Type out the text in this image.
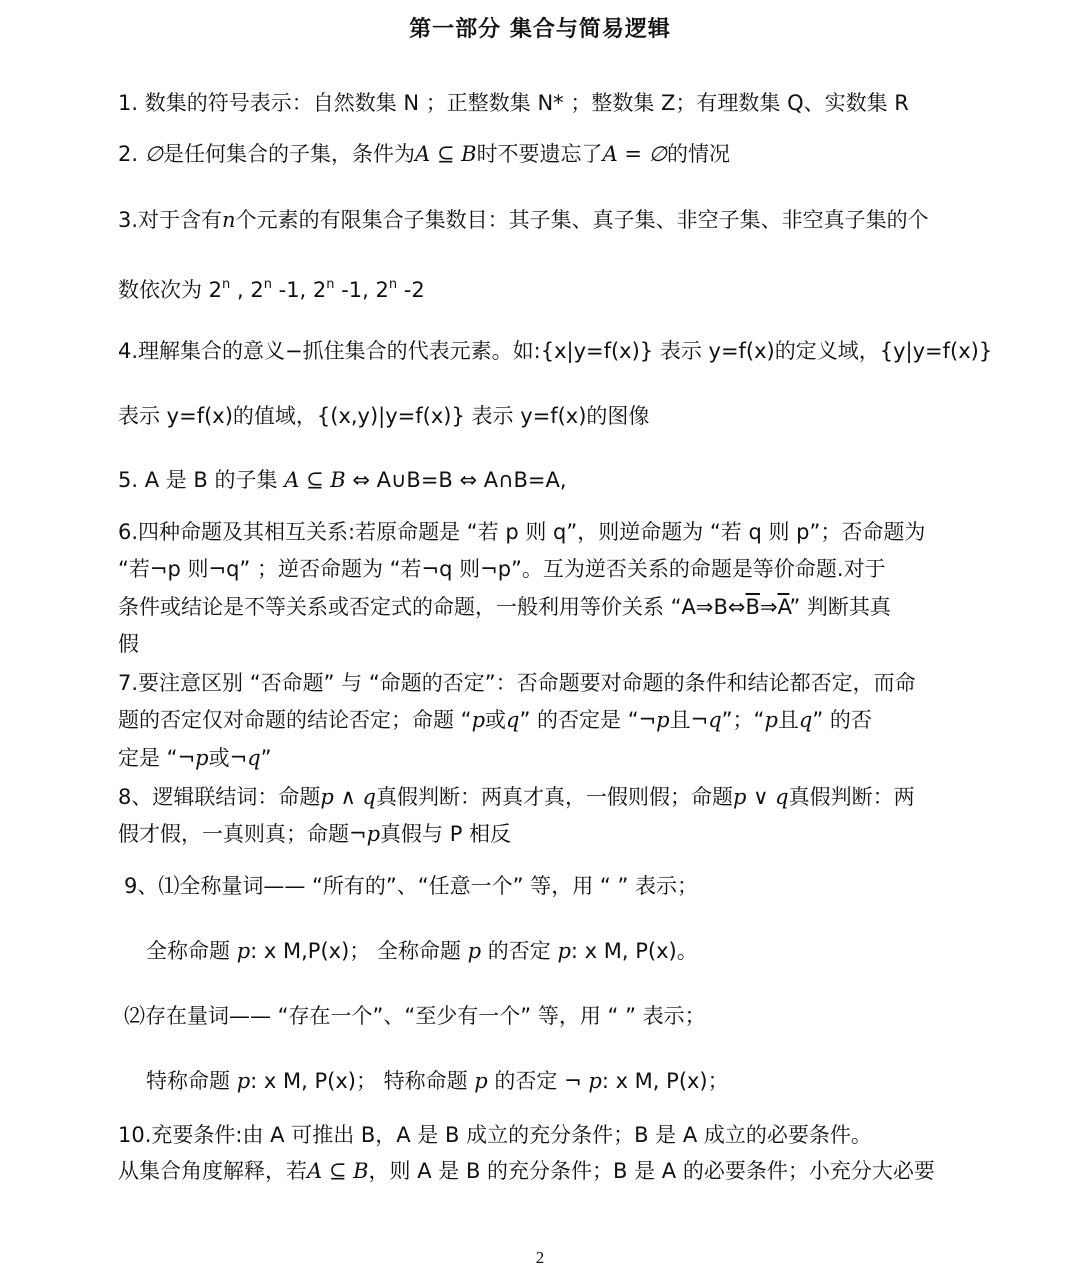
第一部分 集合与简易逻辑
1. 数集的符号表示：自然数集 N ；正整数集 N* ；整数集 Z；有理数集 Q、实数集 R
2. ∅是任何集合的子集，条件为A ⊆ B时不要遗忘了A = ∅的情况
3.对于含有n个元素的有限集合子集数目：其子集、真子集、非空子集、非空真子集的个
数依次为 2$^n$ , 2$^n$ -1, 2$^n$ -1, 2$^n$ -2
4.理解集合的意义−抓住集合的代表元素。如:{x|y=f(x)} 表示 y=f(x)的定义域，{y|y=f(x)}
表示 y=f(x)的值域，{(x,y)|y=f(x)} 表示 y=f(x)的图像
5. A 是 B 的子集 A ⊆ B ⇔ A∪B=B ⇔ A∩B=A,
6.四种命题及其相互关系:若原命题是 “若 p 则 q”，则逆命题为 “若 q 则 p”；否命题为
“若¬p 则¬q” ；逆否命题为 “若¬q 则¬p”。互为逆否关系的命题是等价命题.对于
条件或结论是不等关系或否定式的命题，一般利用等价关系 “$A\Rightarrow B\Leftrightarrow\overline{B}\Rightarrow\overline{A}$” 判断其真
假
7.要注意区别 “否命题” 与 “命题的否定”：否命题要对命题的条件和结论都否定，而命
题的否定仅对命题的结论否定；命题 “p或q” 的否定是 “¬p且¬q”；“p且q” 的否
定是 “¬p或¬q”
8、逻辑联结词：命题p ∧ q真假判断：两真才真，一假则假；命题p ∨ q真假判断：两
假才假，一真则真；命题¬p真假与 P 相反
9、⑴全称量词—— “所有的”、“任意一个” 等，用 “ ” 表示；
全称命题 p: x M,P(x)； 全称命题 p 的否定 p: x M, P(x)。
⑵存在量词—— “存在一个”、“至少有一个” 等，用 “ ” 表示；
特称命题 p: x M, P(x)； 特称命题 p 的否定 ¬ p: x M, P(x)；
10.充要条件:由 A 可推出 B，A 是 B 成立的充分条件；B 是 A 成立的必要条件。
从集合角度解释，若A ⊆ B，则 A 是 B 的充分条件；B 是 A 的必要条件；小充分大必要
2
